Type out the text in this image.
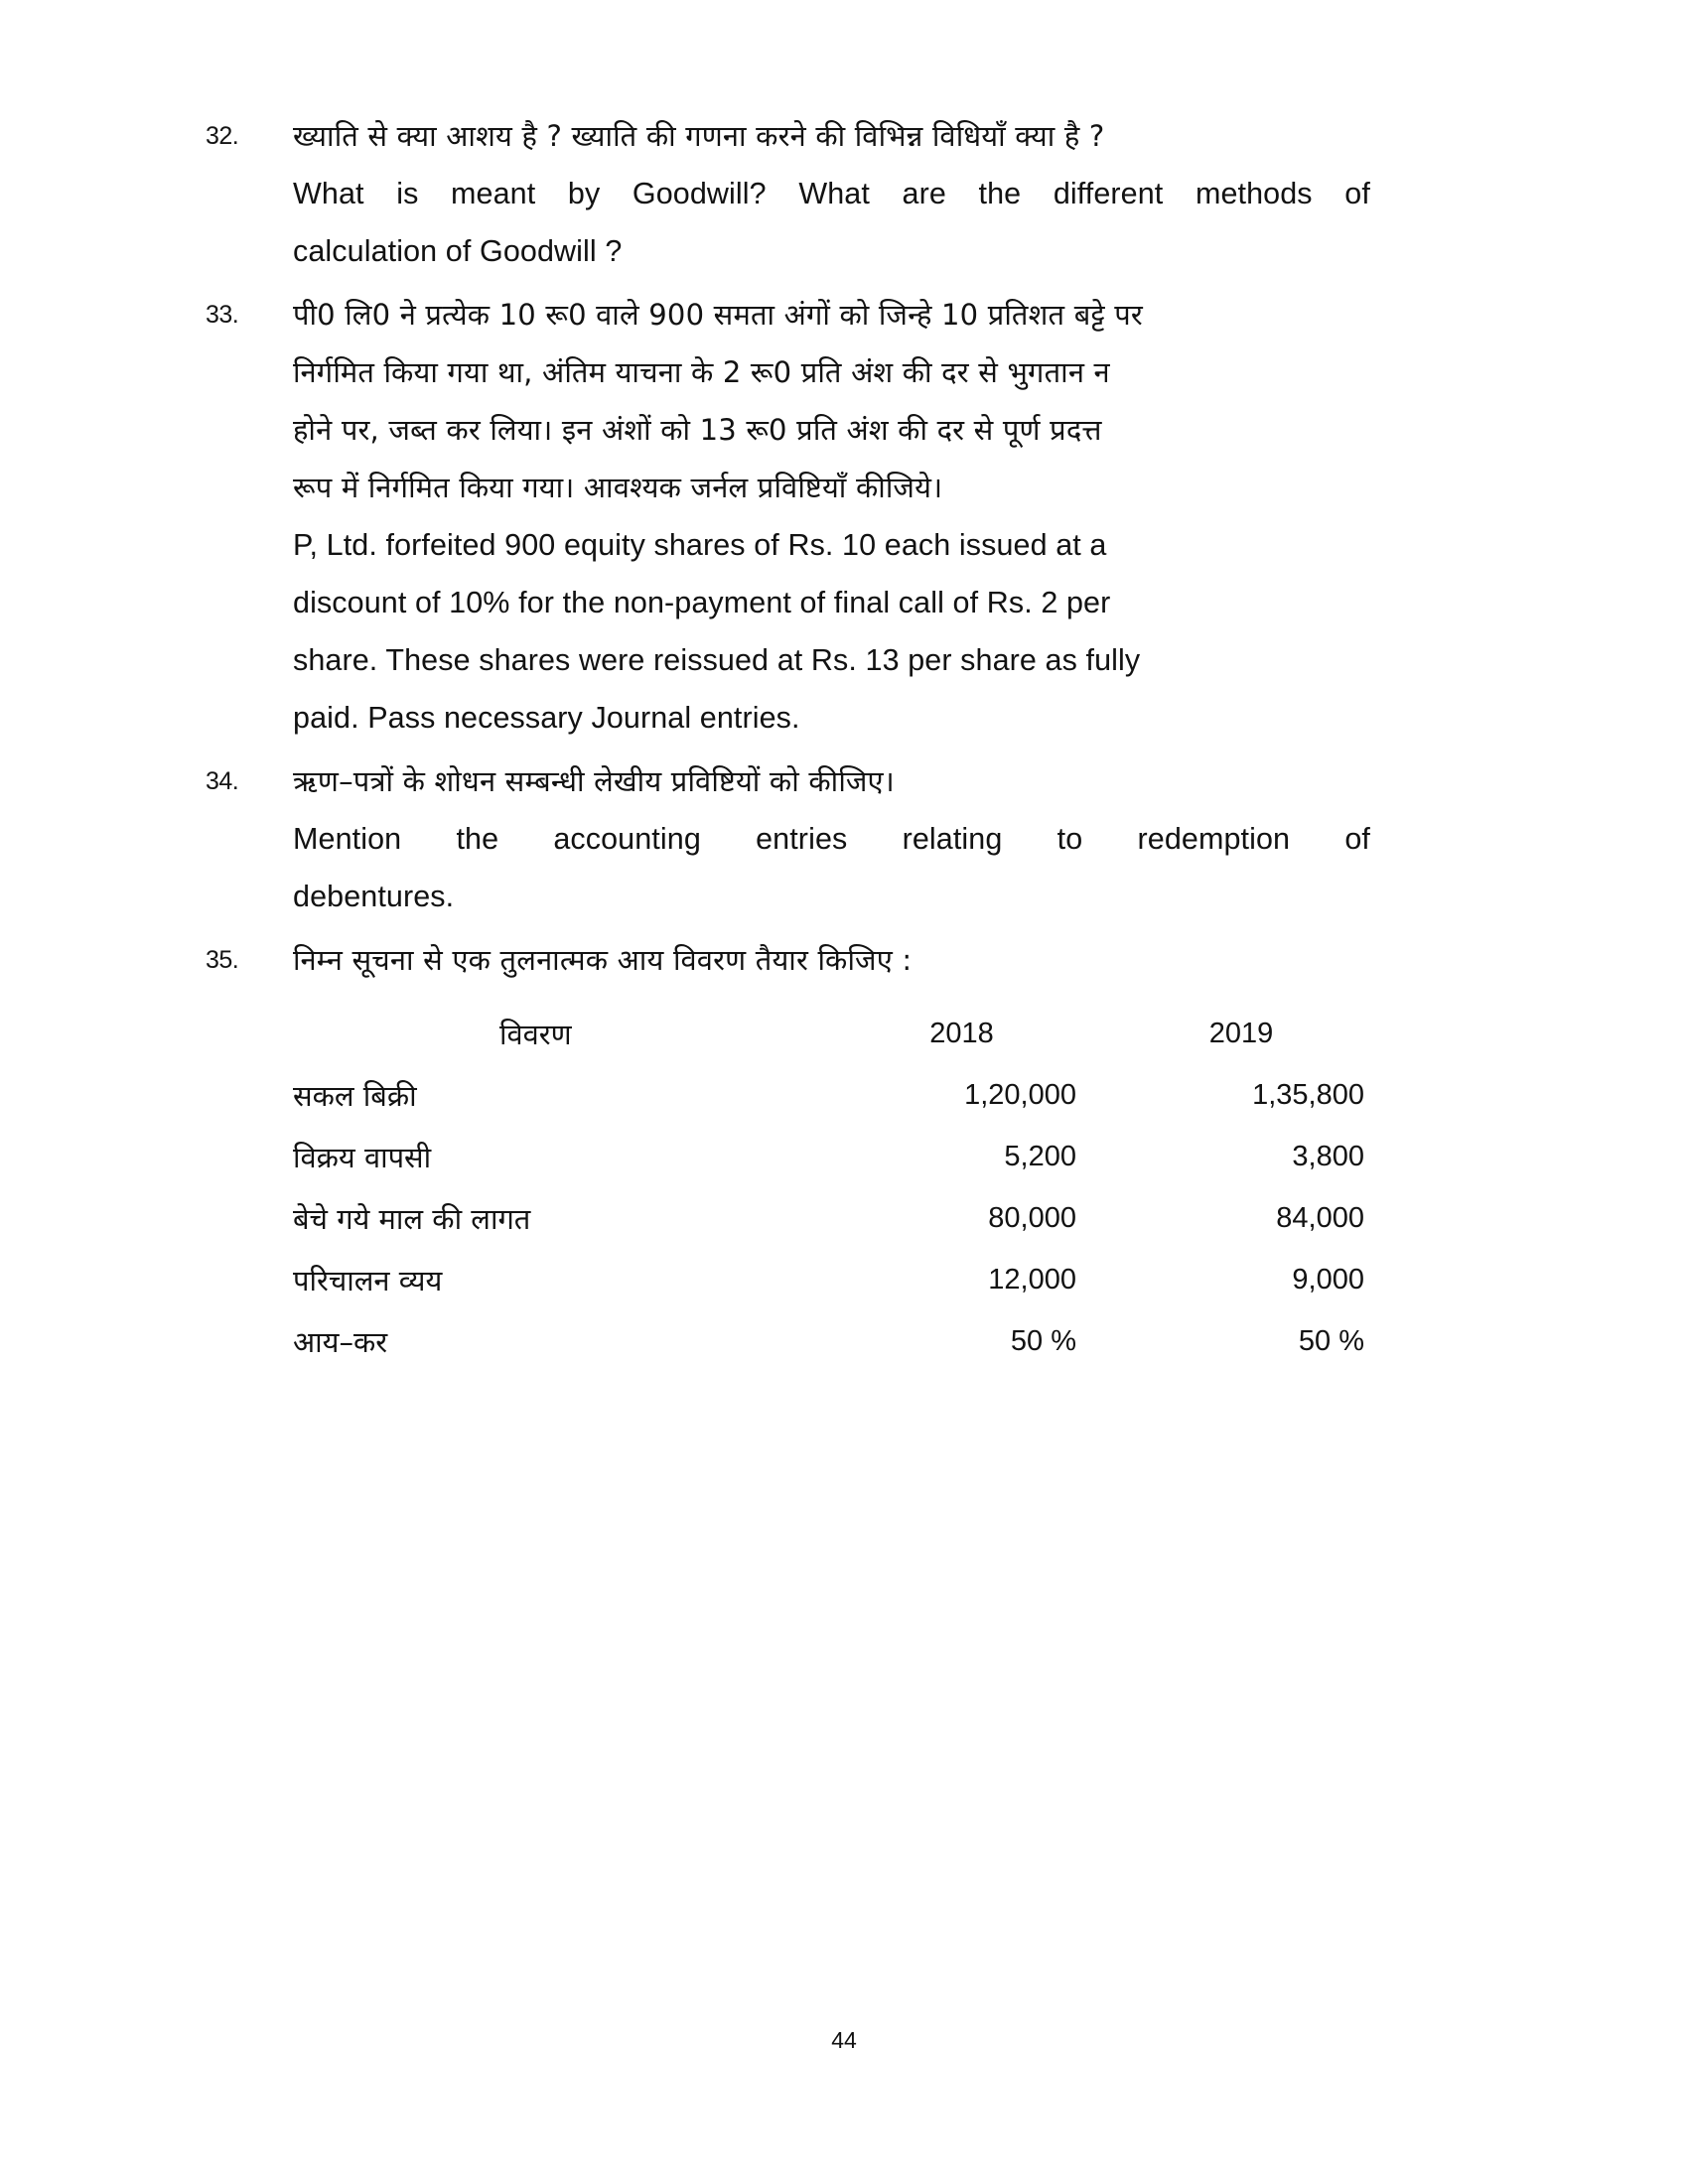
32.	ख्याति से क्या आशय है ? ख्याति की गणना करने की विभिन्न विधियाँ क्या है ?
What is meant by Goodwill? What are the different methods of
calculation of Goodwill ?
33.	पी0 लि0 ने प्रत्येक 10 रू0 वाले 900 समता अंगों को जिन्हे 10 प्रतिशत बट्टे पर
निर्गमित किया गया था, अंतिम याचना के 2 रू0 प्रति अंश की दर से भुगतान न
होने पर, जब्त कर लिया। इन अंशों को 13 रू0 प्रति अंश की दर से पूर्ण प्रदत्त
रूप में निर्गमित किया गया। आवश्यक जर्नल प्रविष्टियाँ कीजिये।
P, Ltd. forfeited 900 equity shares of Rs. 10 each issued at a
discount of 10% for the non-payment of final call of Rs. 2 per
share. These shares were reissued at Rs. 13 per share as fully
paid. Pass necessary Journal entries.
34.	ऋण–पत्रों के शोधन सम्बन्धी लेखीय प्रविष्टियों को कीजिए।
Mention the accounting entries relating to redemption of
debentures.
35.	निम्न सूचना से एक तुलनात्मक आय विवरण तैयार किजिए :
विवरण	2018	2019
सकल बिक्री	1,20,000	1,35,800
विक्रय वापसी	5,200	3,800
बेचे गये माल की लागत	80,000	84,000
परिचालन व्यय	12,000	9,000
आय–कर	50 %	50 %
44
